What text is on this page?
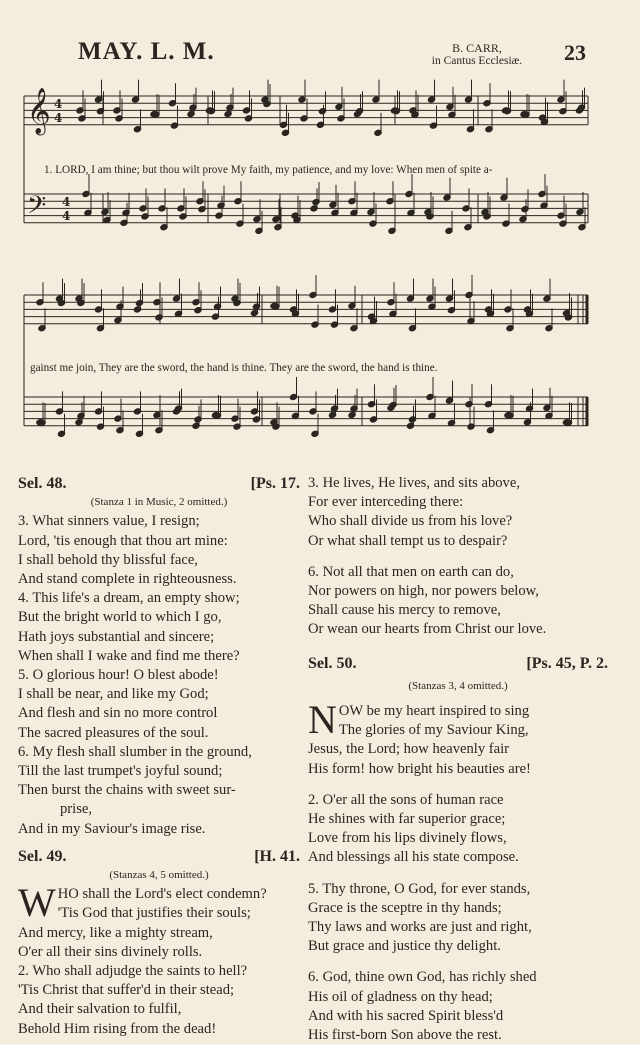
MAY. L. M.	B. CARR,
in Cantus Ecclesiæ.	23
𝄞
𝄢
4
4
4
4
1. LORD, I am thine; but thou wilt prove My faith, my patience, and my love: When men of spite a-
gainst me join, They are the sword, the hand is thine. They are the sword, the hand is thine.
Sel. 48.	[Ps. 17.
(Stanza 1 in Music, 2 omitted.)

3. What sinners value, I resign;

Lord, 'tis enough that thou art mine:

I shall behold thy blissful face,

And stand complete in righteousness.

4. This life's a dream, an empty show;

But the bright world to which I go,

Hath joys substantial and sincere;

When shall I wake and find me there?

5. O glorious hour! O blest abode!

I shall be near, and like my God;

And flesh and sin no more control

The sacred pleasures of the soul.

6. My flesh shall slumber in the ground,

Till the last trumpet's joyful sound;

Then burst the chains with sweet sur-

prise,

And in my Saviour's image rise.

Sel. 49.	[H. 41.
(Stanzas 4, 5 omitted.)
W HO shall the Lord's elect condemn?

'Tis God that justifies their souls;

And mercy, like a mighty stream,

O'er all their sins divinely rolls.

2. Who shall adjudge the saints to hell?

'Tis Christ that suffer'd in their stead;

And their salvation to fulfil,

Behold Him rising from the dead!

3. He lives, He lives, and sits above,

For ever interceding there:

Who shall divide us from his love?

Or what shall tempt us to despair?

6. Not all that men on earth can do,

Nor powers on high, nor powers below,

Shall cause his mercy to remove,

Or wean our hearts from Christ our love.

Sel. 50.	[Ps. 45, P. 2.
(Stanzas 3, 4 omitted.)
N OW be my heart inspired to sing

The glories of my Saviour King,

Jesus, the Lord; how heavenly fair

His form! how bright his beauties are!

2. O'er all the sons of human race

He shines with far superior grace;

Love from his lips divinely flows,

And blessings all his state compose.

5. Thy throne, O God, for ever stands,

Grace is the sceptre in thy hands;

Thy laws and works are just and right,

But grace and justice thy delight.

6. God, thine own God, has richly shed

His oil of gladness on thy head;

And with his sacred Spirit bless'd

His first-born Son above the rest.
